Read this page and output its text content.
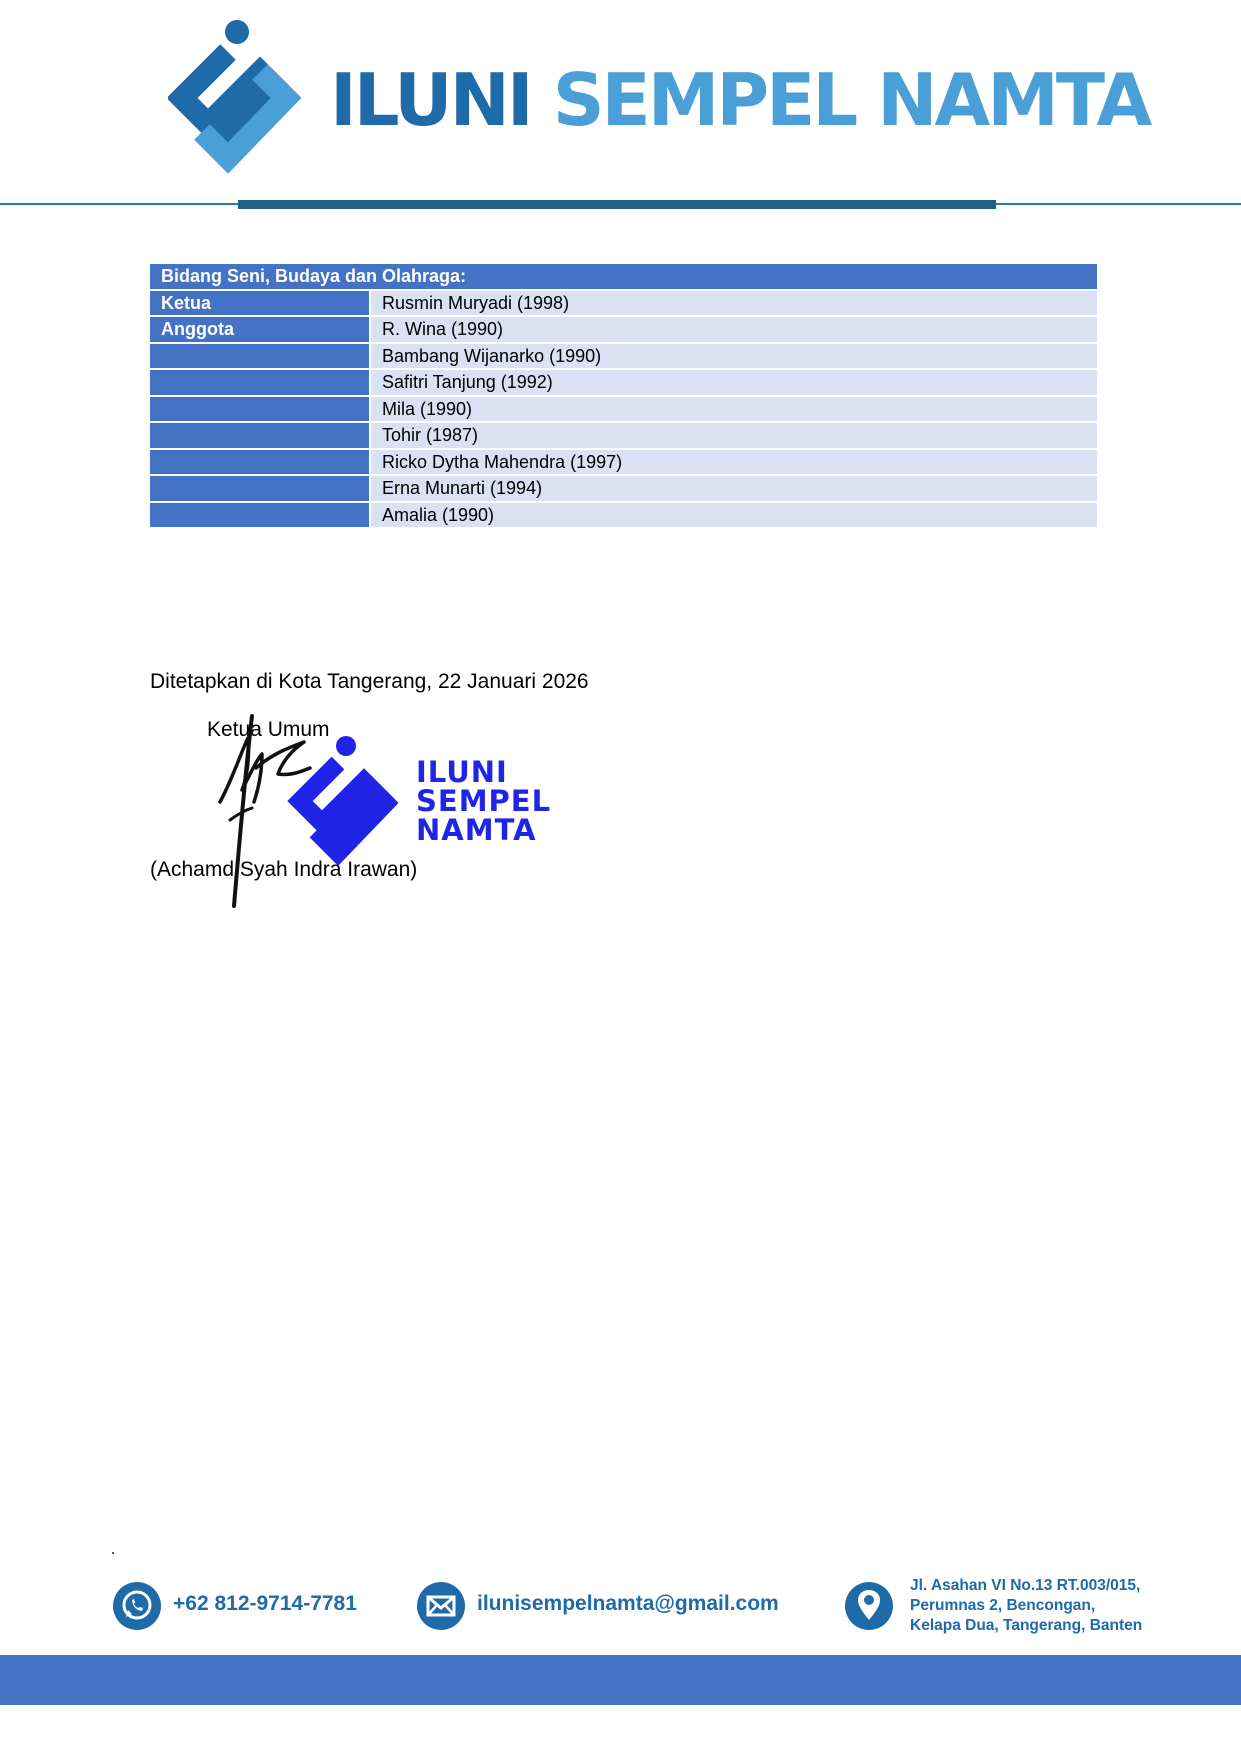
ILUNI SEMPEL NAMTA
Bidang Seni, Budaya dan Olahraga:	
Ketua	Rusmin Muryadi (1998)
Anggota	R. Wina (1990)
	Bambang Wijanarko (1990)
	Safitri Tanjung (1992)
	Mila (1990)
	Tohir (1987)
	Ricko Dytha Mahendra (1997)
	Erna Munarti (1994)
	Amalia (1990)
Ditetapkan di Kota Tangerang, 22 Januari 2026
Ketua Umum
ILUNI
SEMPEL
NAMTA
(Achamd Syah Indra Irawan)
+62 812-9714-7781	ilunisempelnamta@gmail.com
Jl. Asahan VI No.13 RT.003/015,
Perumnas 2, Bencongan,
Kelapa Dua, Tangerang, Banten
